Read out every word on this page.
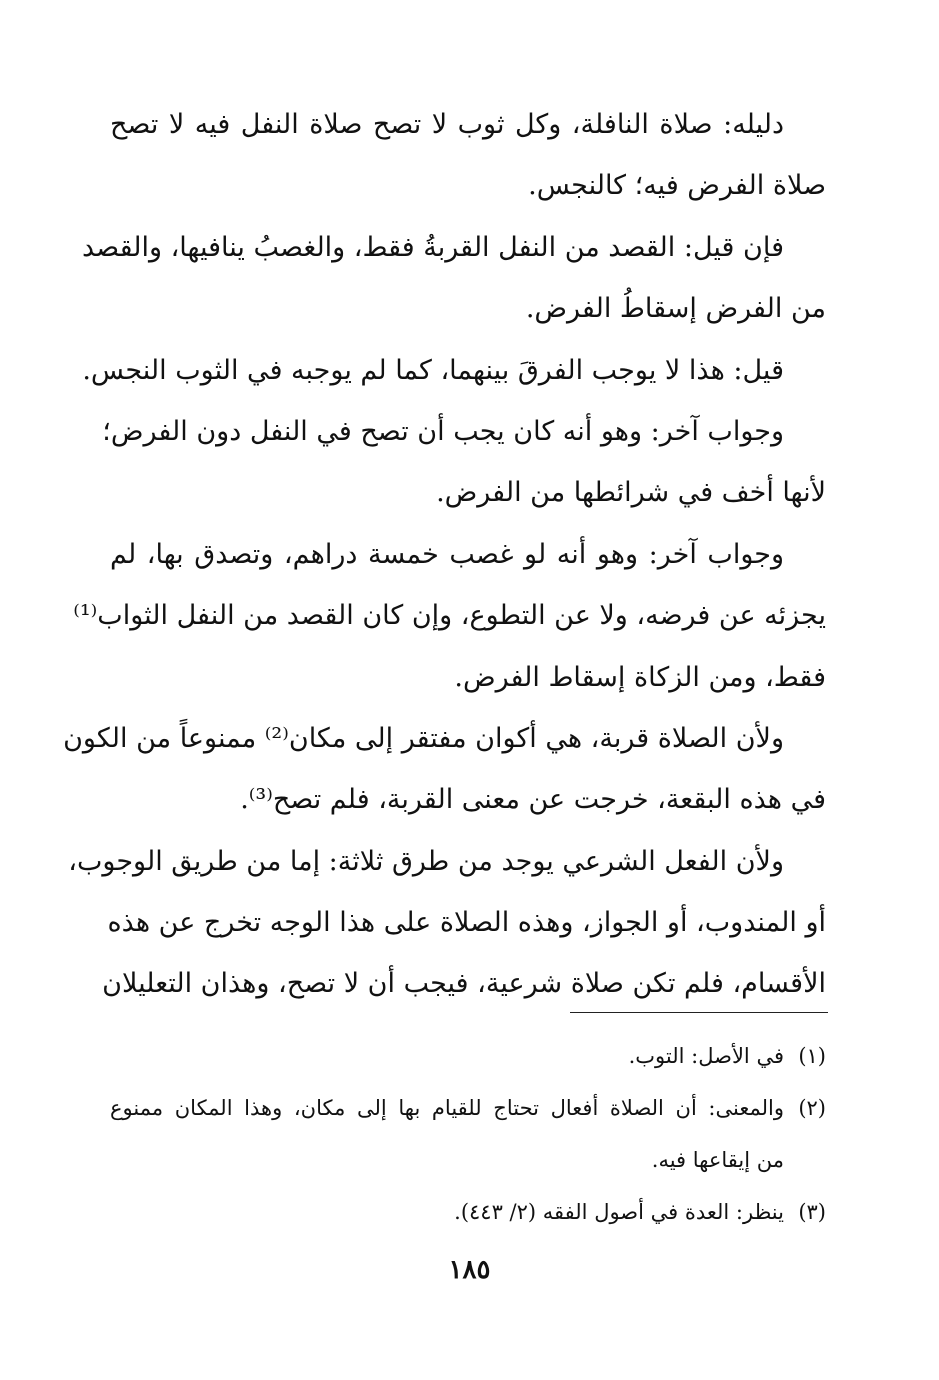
دليله: صلاة النافلة، وكل ثوب لا تصح صلاة النفل فيه لا تصح
صلاة الفرض فيه؛ كالنجس.
فإن قيل: القصد من النفل القربةُ فقط، والغصبُ ينافيها، والقصد
من الفرض إسقاطُ الفرض.
قيل: هذا لا يوجب الفرقَ بينهما، كما لم يوجبه في الثوب النجس.
وجواب آخر: وهو أنه كان يجب أن تصح في النفل دون الفرض؛
لأنها أخف في شرائطها من الفرض.
وجواب آخر: وهو أنه لو غصب خمسة دراهم، وتصدق بها، لم
يجزئه عن فرضه، ولا عن التطوع، وإن كان القصد من النفل الثواب⁽¹⁾
فقط، ومن الزكاة إسقاط الفرض.
ولأن الصلاة قربة، هي أكوان مفتقر إلى مكان⁽²⁾ ممنوعاً من الكون
في هذه البقعة، خرجت عن معنى القربة، فلم تصح⁽³⁾.
ولأن الفعل الشرعي يوجد من طرق ثلاثة: إما من طريق الوجوب،
أو المندوب، أو الجواز، وهذه الصلاة على هذا الوجه تخرج عن هذه
الأقسام، فلم تكن صلاة شرعية، فيجب أن لا تصح، وهذان التعليلان
(١)
في الأصل: التوب.
(٢)
والمعنى: أن الصلاة أفعال تحتاج للقيام بها إلى مكان، وهذا المكان ممنوع
من إيقاعها فيه.
(٣)
ينظر: العدة في أصول الفقه (٢/ ٤٤٣).
١٨٥
